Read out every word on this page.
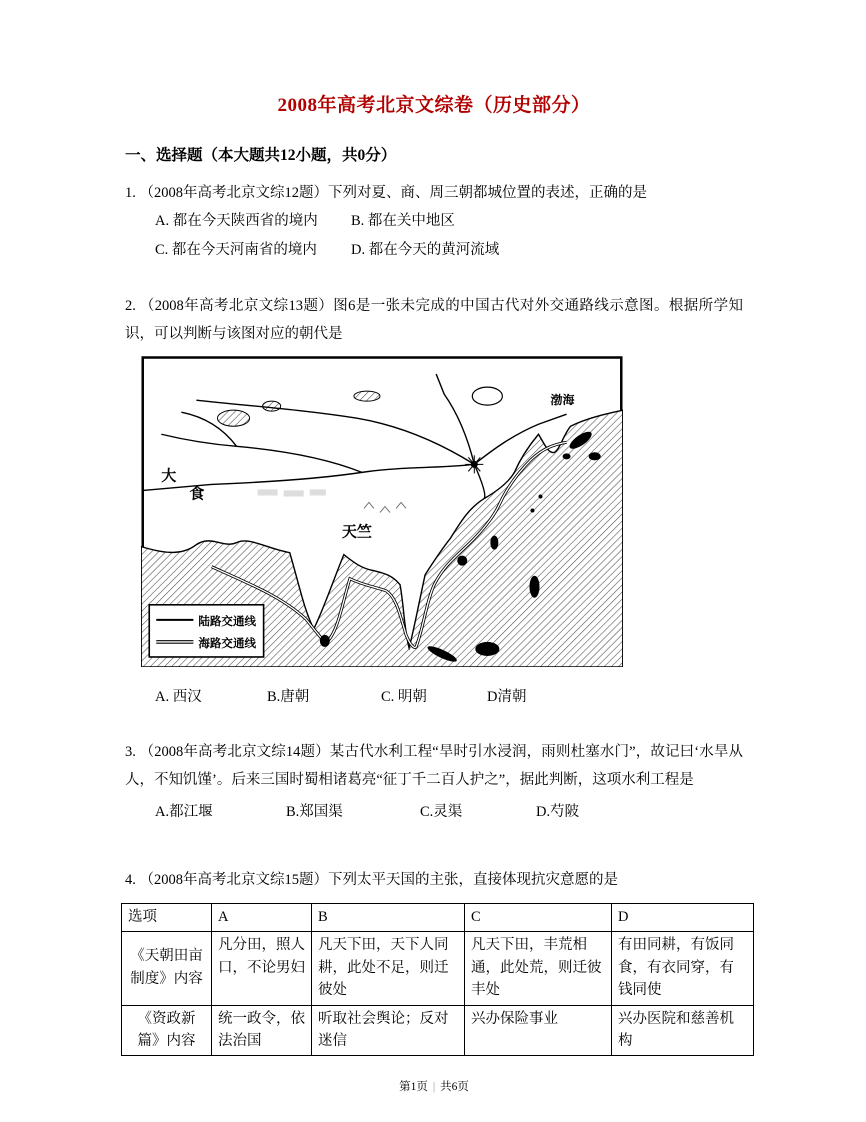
2008年高考北京文综卷（历史部分）
一、选择题（本大题共12小题，共0分）

1. （2008年高考北京文综12题）下列对夏、商、周三朝都城位置的表述，正确的是

A. 都在今天陕西省的境内	B. 都在关中地区
C. 都在今天河南省的境内	D. 都在今天的黄河流域

2. （2008年高考北京文综13题）图6是一张未完成的中国古代对外交通路线示意图。根据所学知识，可以判断与该图对应的朝代是

大
食
天竺
渤海
陆路交通线
海路交通线
A. 西汉	B.唐朝	C. 明朝	D清朝

3. （2008年高考北京文综14题）某古代水利工程“旱时引水浸润，雨则杜塞水门”，故记曰‘水旱从人，不知饥馑’。后来三国时蜀相诸葛亮“征丁千二百人护之”，据此判断，这项水利工程是

A.都江堰	B.郑国渠	C.灵渠	D.芍陂

4. （2008年高考北京文综15题）下列太平天国的主张，直接体现抗灾意愿的是

选项	A	B	C	D
《天朝田亩制度》内容	凡分田，照人口，不论男妇	凡天下田，天下人同耕，此处不足，则迁彼处	凡天下田，丰荒相通，此处荒，则迁彼丰处	有田同耕，有饭同食，有衣同穿，有钱同使
《资政新篇》内容	统一政令，依法治国	听取社会舆论；反对迷信	兴办保险事业	兴办医院和慈善机构
第1页 | 共6页
